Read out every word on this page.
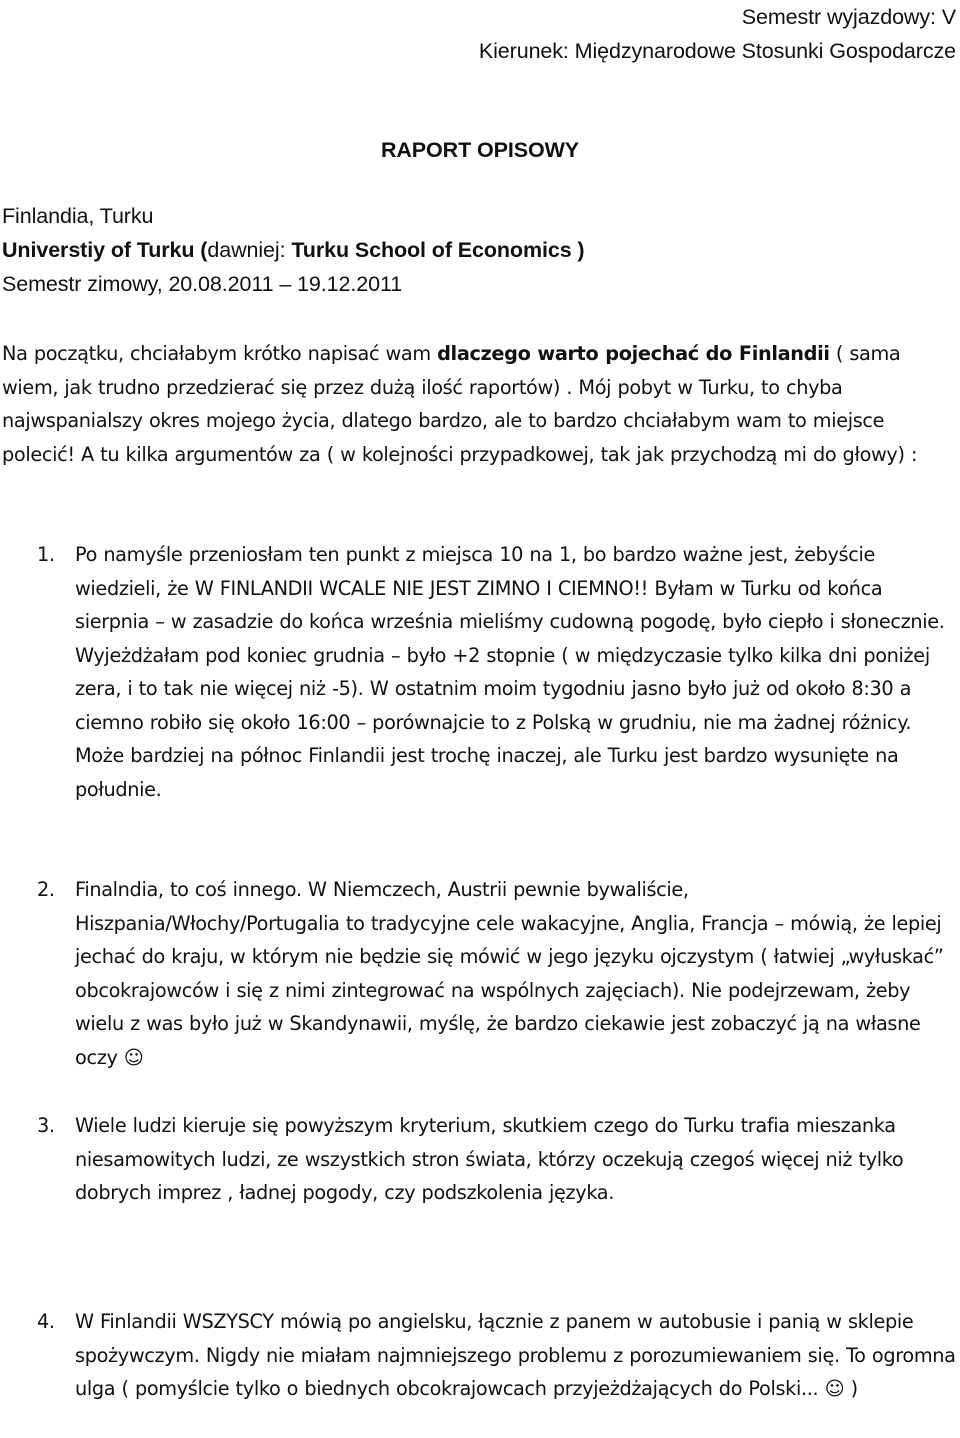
Semestr wyjazdowy: V
Kierunek: Międzynarodowe Stosunki Gospodarcze
RAPORT OPISOWY
Finlandia, Turku
Universtiy of Turku (dawniej: Turku School of Economics )
Semestr zimowy, 20.08.2011 – 19.12.2011
Na początku, chciałabym krótko napisać wam dlaczego warto pojechać do Finlandii ( sama wiem, jak trudno przedzierać się przez dużą ilość raportów) . Mój pobyt w Turku, to chyba najwspanialszy okres mojego życia, dlatego bardzo, ale to bardzo chciałabym wam to miejsce polecić! A tu kilka argumentów za ( w kolejności przypadkowej, tak jak przychodzą mi do głowy) :
1. Po namyśle przeniosłam ten punkt z miejsca 10 na 1, bo bardzo ważne jest, żebyście wiedzieli, że W FINLANDII WCALE NIE JEST ZIMNO I CIEMNO!! Byłam w Turku od końca sierpnia – w zasadzie do końca września mieliśmy cudowną pogodę, było ciepło i słonecznie. Wyjeżdżałam pod koniec grudnia – było +2 stopnie ( w międzyczasie tylko kilka dni poniżej zera, i to tak nie więcej niż -5). W ostatnim moim tygodniu jasno było już od około 8:30 a ciemno robiło się około 16:00 – porównajcie to z Polską w grudniu, nie ma żadnej różnicy. Może bardziej na północ Finlandii jest trochę inaczej, ale Turku jest bardzo wysunięte na południe.
2. Finalndia, to coś innego. W Niemczech, Austrii pewnie bywaliście, Hiszpania/Włochy/Portugalia to tradycyjne cele wakacyjne, Anglia, Francja – mówią, że lepiej jechać do kraju, w którym nie będzie się mówić w jego języku ojczystym ( łatwiej „wyłuskać” obcokrajowców i się z nimi zintegrować na wspólnych zajęciach). Nie podejrzewam, żeby wielu z was było już w Skandynawii, myślę, że bardzo ciekawie jest zobaczyć ją na własne oczy ☺
3. Wiele ludzi kieruje się powyższym kryterium, skutkiem czego do Turku trafia mieszanka niesamowitych ludzi, ze wszystkich stron świata, którzy oczekują czegoś więcej niż tylko dobrych imprez , ładnej pogody, czy podszkolenia języka.
4. W Finlandii WSZYSCY mówią po angielsku, łącznie z panem w autobusie i panią w sklepie spożywczym. Nigdy nie miałam najmniejszego problemu z porozumiewaniem się. To ogromna ulga ( pomyślcie tylko o biednych obcokrajowcach przyjeżdżających do Polski... ☺ )
